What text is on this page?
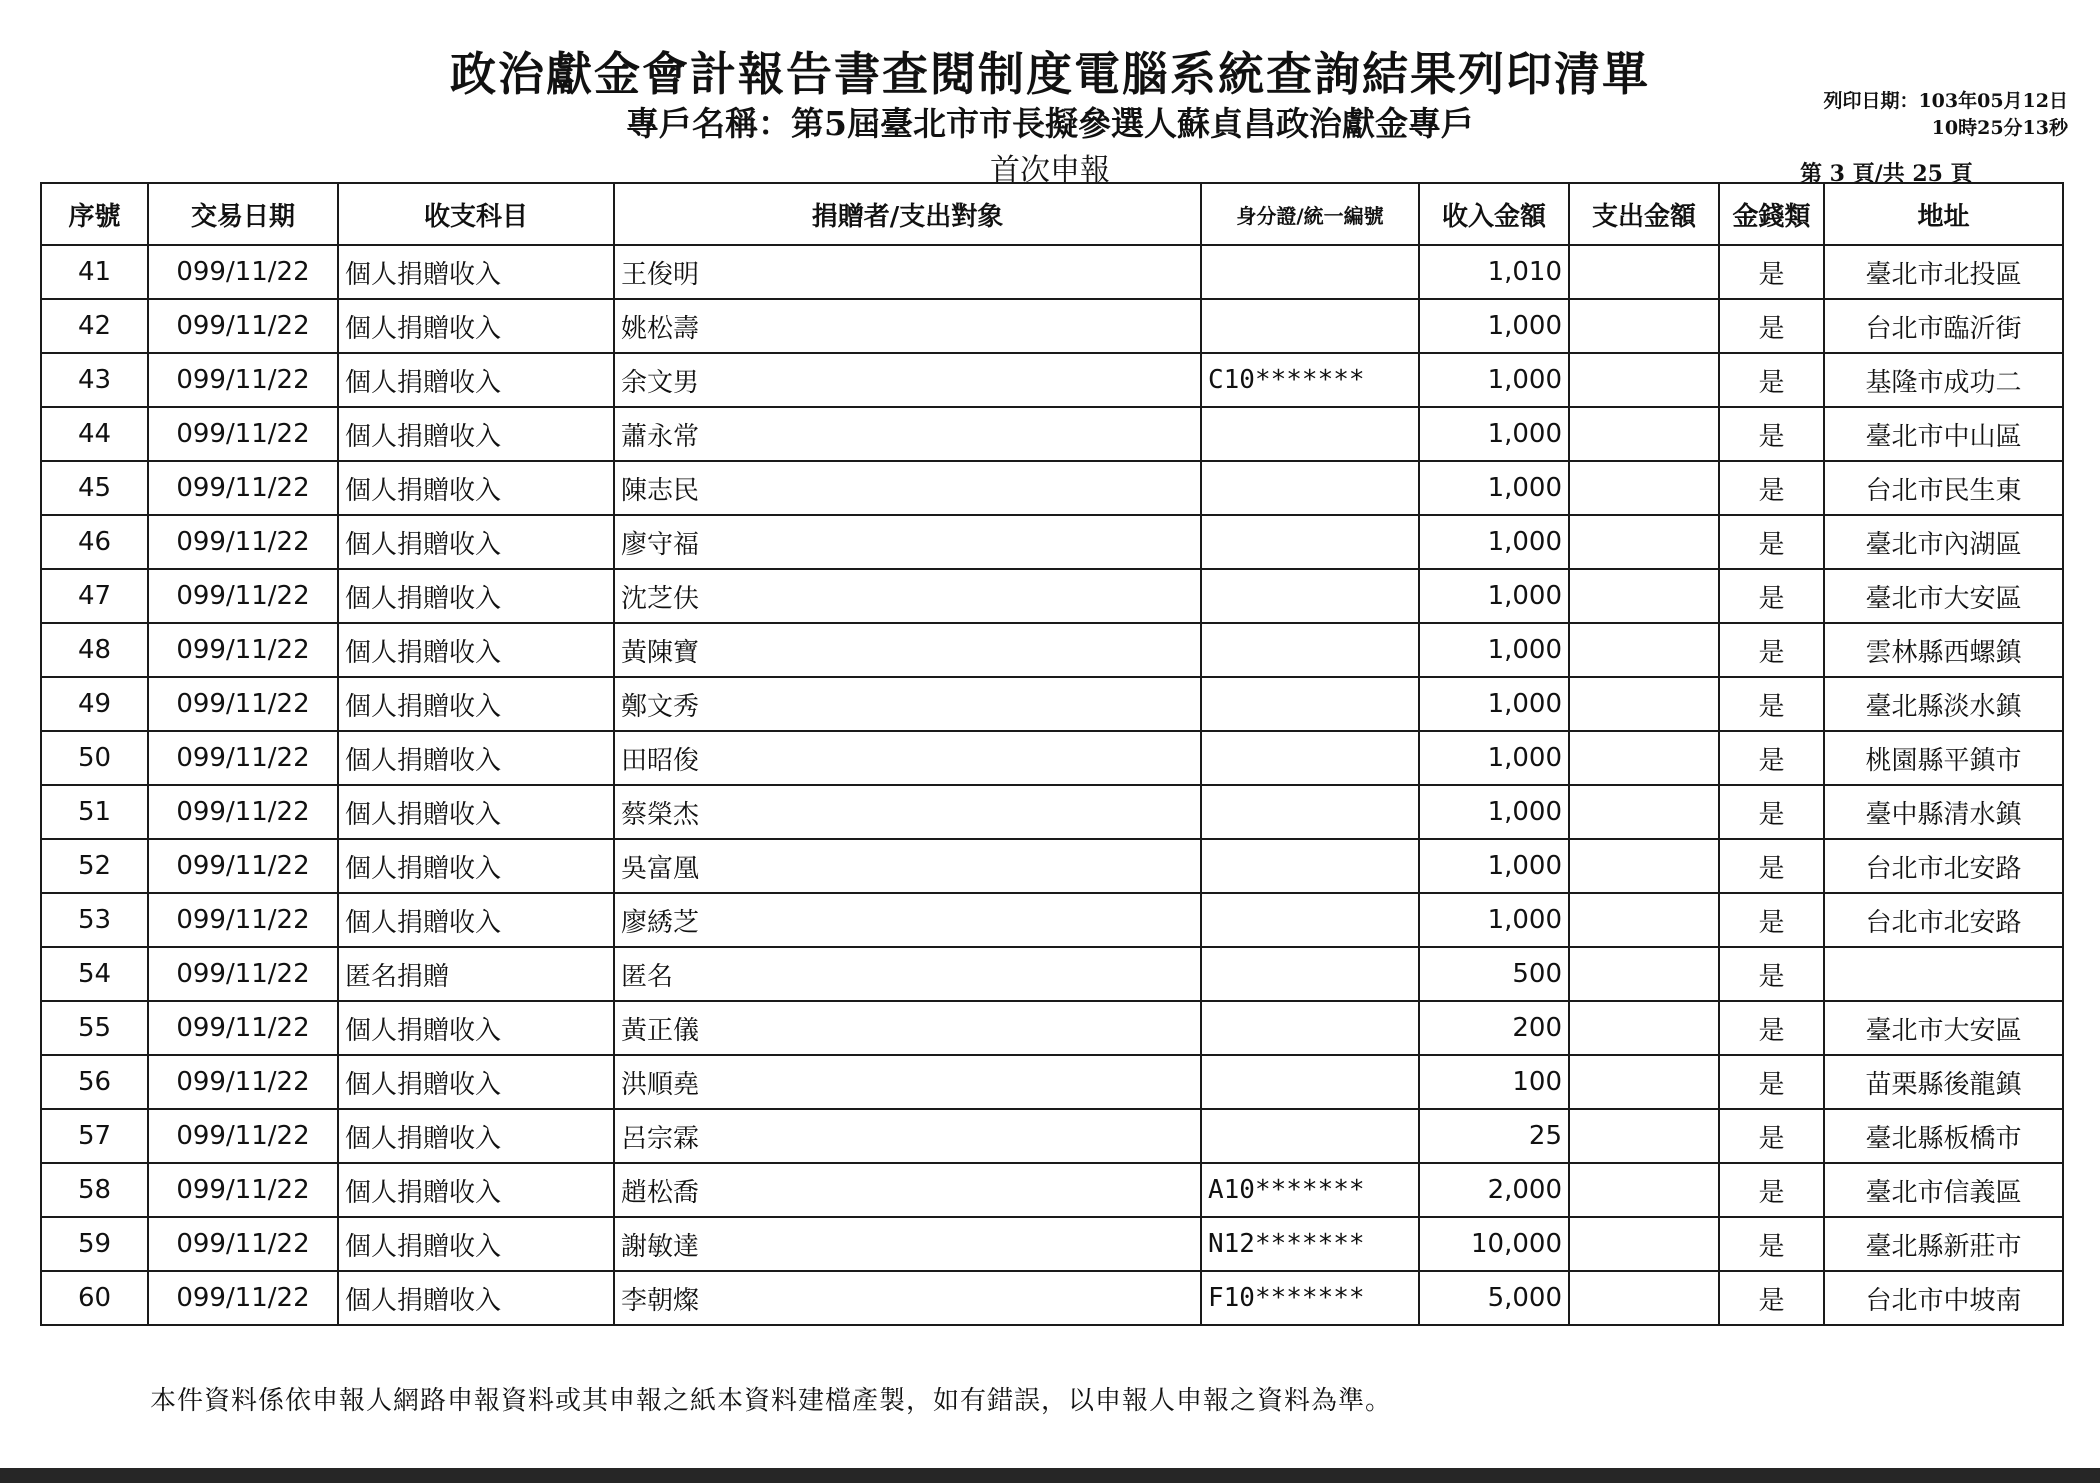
政治獻金會計報告書查閱制度電腦系統查詢結果列印清單
專戶名稱：第5屆臺北市市長擬參選人蘇貞昌政治獻金專戶
首次申報
列印日期：103年05月12日
10時25分13秒
第 3 頁/共 25 頁
序號	交易日期	收支科目	捐贈者/支出對象	身分證/統一編號	收入金額	支出金額	金錢類	地址
41	099/11/22	個人捐贈收入	王俊明		1,010		是	臺北市北投區
42	099/11/22	個人捐贈收入	姚松壽		1,000		是	台北市臨沂街
43	099/11/22	個人捐贈收入	余文男	C10*******	1,000		是	基隆市成功二
44	099/11/22	個人捐贈收入	蕭永常		1,000		是	臺北市中山區
45	099/11/22	個人捐贈收入	陳志民		1,000		是	台北市民生東
46	099/11/22	個人捐贈收入	廖守福		1,000		是	臺北市內湖區
47	099/11/22	個人捐贈收入	沈芝伕		1,000		是	臺北市大安區
48	099/11/22	個人捐贈收入	黃陳寶		1,000		是	雲林縣西螺鎮
49	099/11/22	個人捐贈收入	鄭文秀		1,000		是	臺北縣淡水鎮
50	099/11/22	個人捐贈收入	田昭俊		1,000		是	桃園縣平鎮市
51	099/11/22	個人捐贈收入	蔡榮杰		1,000		是	臺中縣清水鎮
52	099/11/22	個人捐贈收入	吳富凰		1,000		是	台北市北安路
53	099/11/22	個人捐贈收入	廖綉芝		1,000		是	台北市北安路
54	099/11/22	匿名捐贈	匿名		500		是	
55	099/11/22	個人捐贈收入	黃正儀		200		是	臺北市大安區
56	099/11/22	個人捐贈收入	洪順堯		100		是	苗栗縣後龍鎮
57	099/11/22	個人捐贈收入	呂宗霖		25		是	臺北縣板橋市
58	099/11/22	個人捐贈收入	趙松喬	A10*******	2,000		是	臺北市信義區
59	099/11/22	個人捐贈收入	謝敏達	N12*******	10,000		是	臺北縣新莊市
60	099/11/22	個人捐贈收入	李朝燦	F10*******	5,000		是	台北市中坡南
本件資料係依申報人網路申報資料或其申報之紙本資料建檔產製，如有錯誤，以申報人申報之資料為準。
